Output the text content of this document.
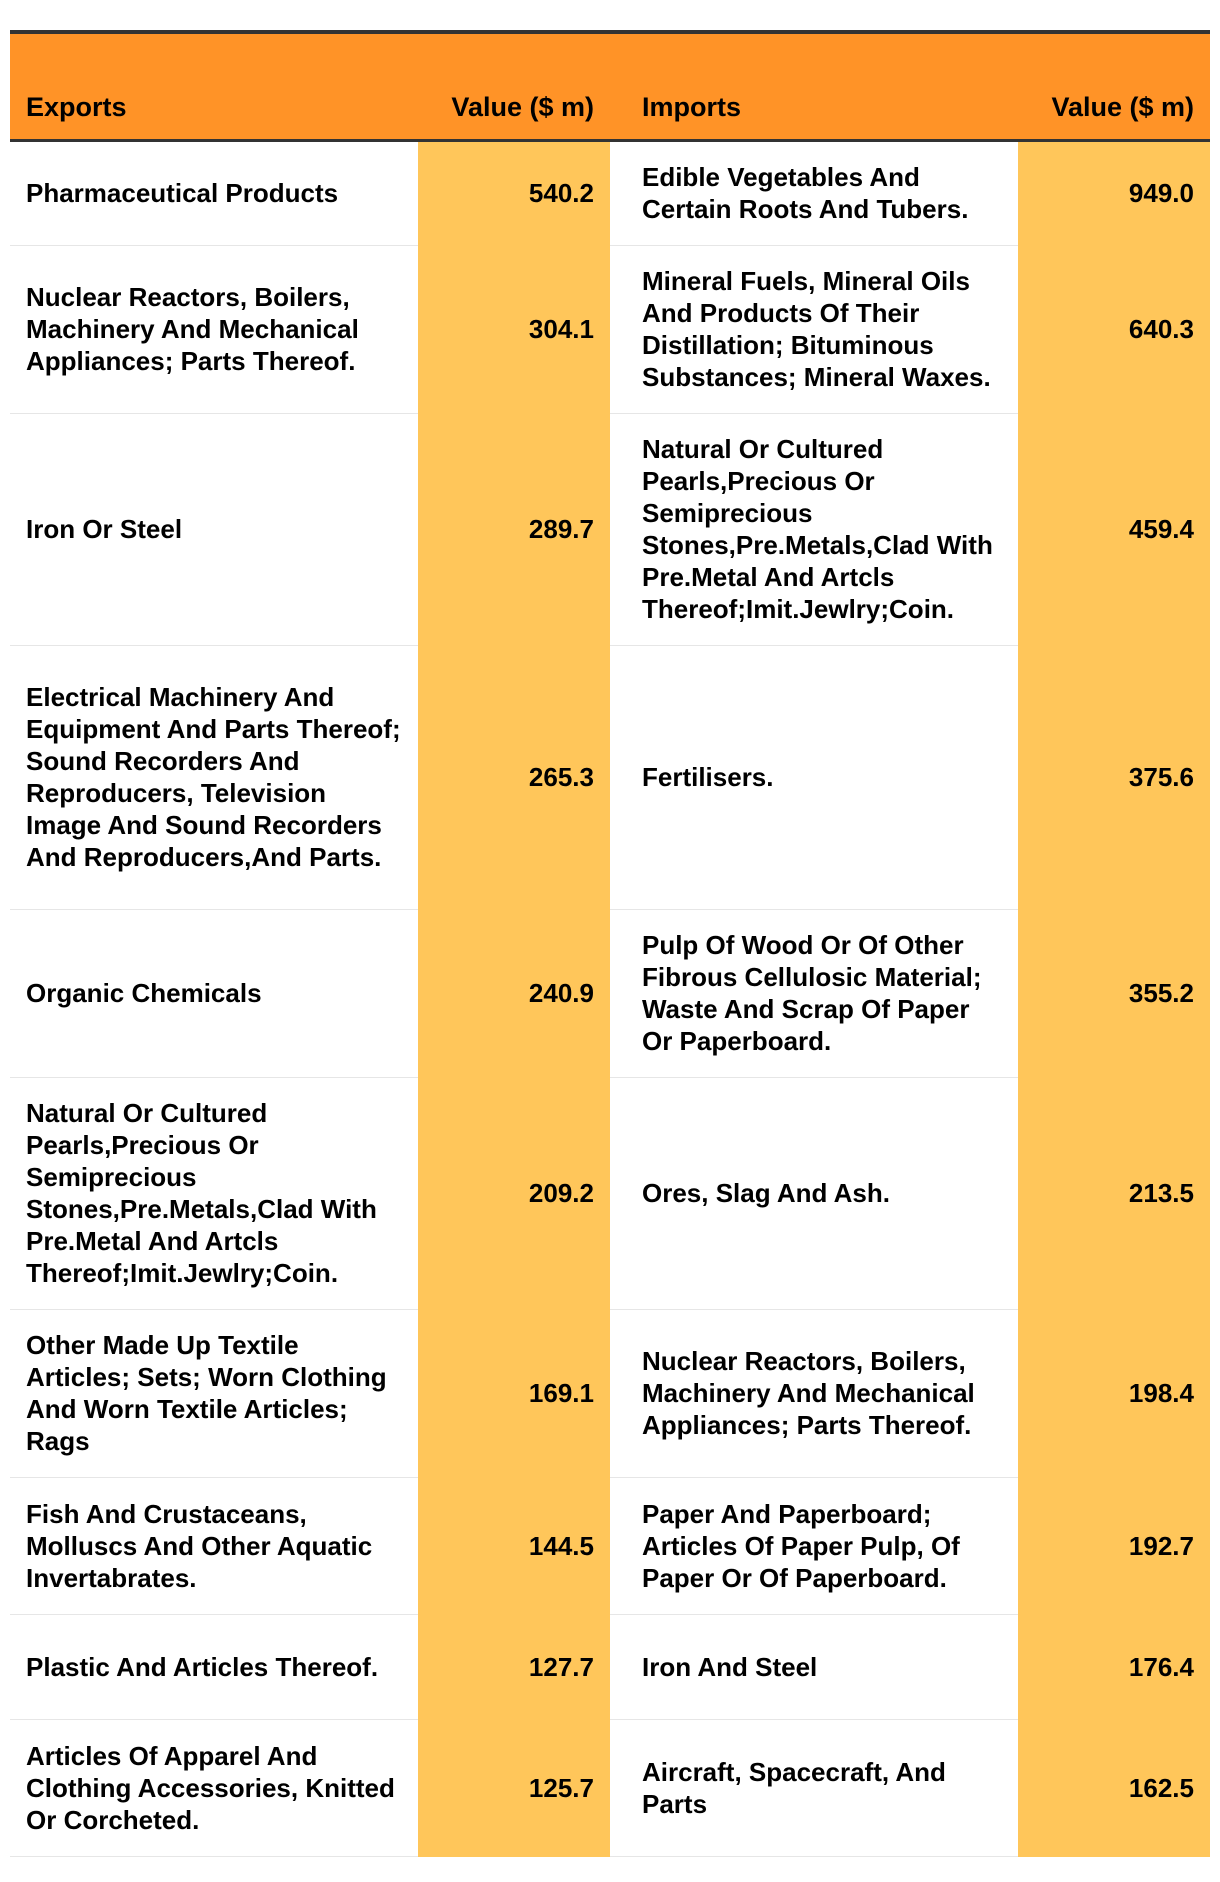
Exports	Value ($ m)	Imports	Value ($ m)
Pharmaceutical Products	540.2	Edible Vegetables And Certain Roots And Tubers.	949.0
Nuclear Reactors, Boilers, Machinery And Mechanical Appliances; Parts Thereof.	304.1	Mineral Fuels, Mineral Oils And Products Of Their Distillation; Bituminous Substances; Mineral Waxes.	640.3
Iron Or Steel	289.7	Natural Or Cultured Pearls,Precious Or Semiprecious Stones,Pre.Metals,Clad With Pre.Metal And Artcls Thereof;Imit.Jewlry;Coin.	459.4
Electrical Machinery And Equipment And Parts Thereof; Sound Recorders And Reproducers, Television Image And Sound Recorders And Reproducers,And Parts.	265.3	Fertilisers.	375.6
Organic Chemicals	240.9	Pulp Of Wood Or Of Other Fibrous Cellulosic Material; Waste And Scrap Of Paper Or Paperboard.	355.2
Natural Or Cultured Pearls,Precious Or Semiprecious Stones,Pre.Metals,Clad With Pre.Metal And Artcls Thereof;Imit.Jewlry;Coin.	209.2	Ores, Slag And Ash.	213.5
Other Made Up Textile Articles; Sets; Worn Clothing And Worn Textile Articles; Rags	169.1	Nuclear Reactors, Boilers, Machinery And Mechanical Appliances; Parts Thereof.	198.4
Fish And Crustaceans, Molluscs And Other Aquatic Invertabrates.	144.5	Paper And Paperboard; Articles Of Paper Pulp, Of Paper Or Of Paperboard.	192.7
Plastic And Articles Thereof.	127.7	Iron And Steel	176.4
Articles Of Apparel And Clothing Accessories, Knitted Or Corcheted.	125.7	Aircraft, Spacecraft, And Parts	162.5
